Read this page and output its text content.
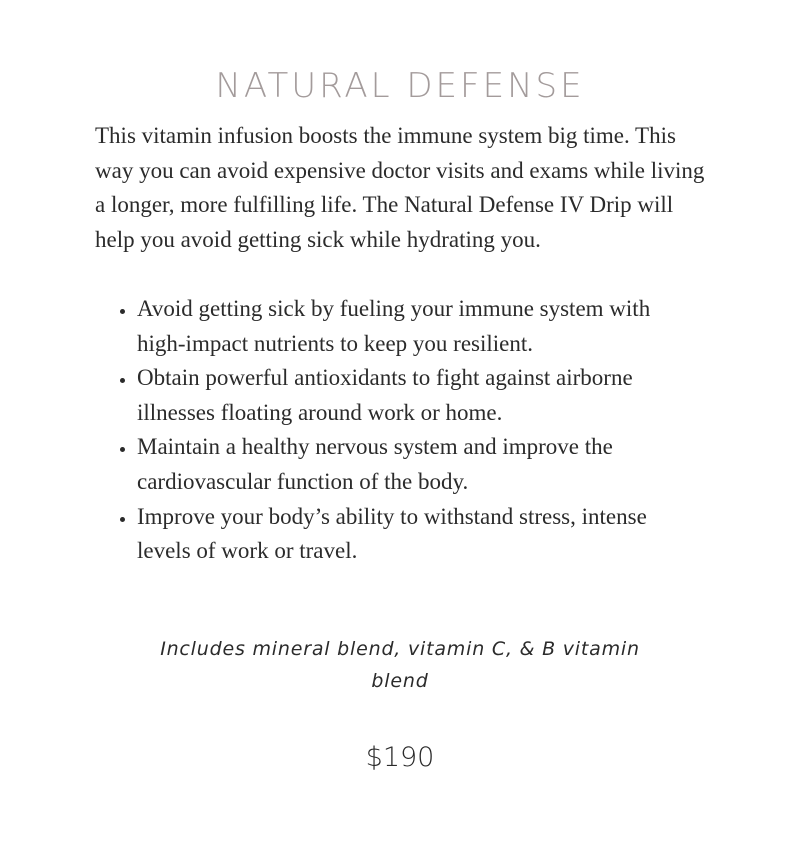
NATURAL DEFENSE

This vitamin infusion boosts the immune system big time. This way you can avoid expensive doctor visits and exams while living a longer, more fulfilling life. The Natural Defense IV Drip will help you avoid getting sick while hydrating you.

• Avoid getting sick by fueling your immune system with high-impact nutrients to keep you resilient.
• Obtain powerful antioxidants to fight against airborne illnesses floating around work or home.
• Maintain a healthy nervous system and improve the cardiovascular function of the body.
• Improve your body’s ability to withstand stress, intense levels of work or travel.

Includes mineral blend, vitamin C, & B vitamin blend

$190
